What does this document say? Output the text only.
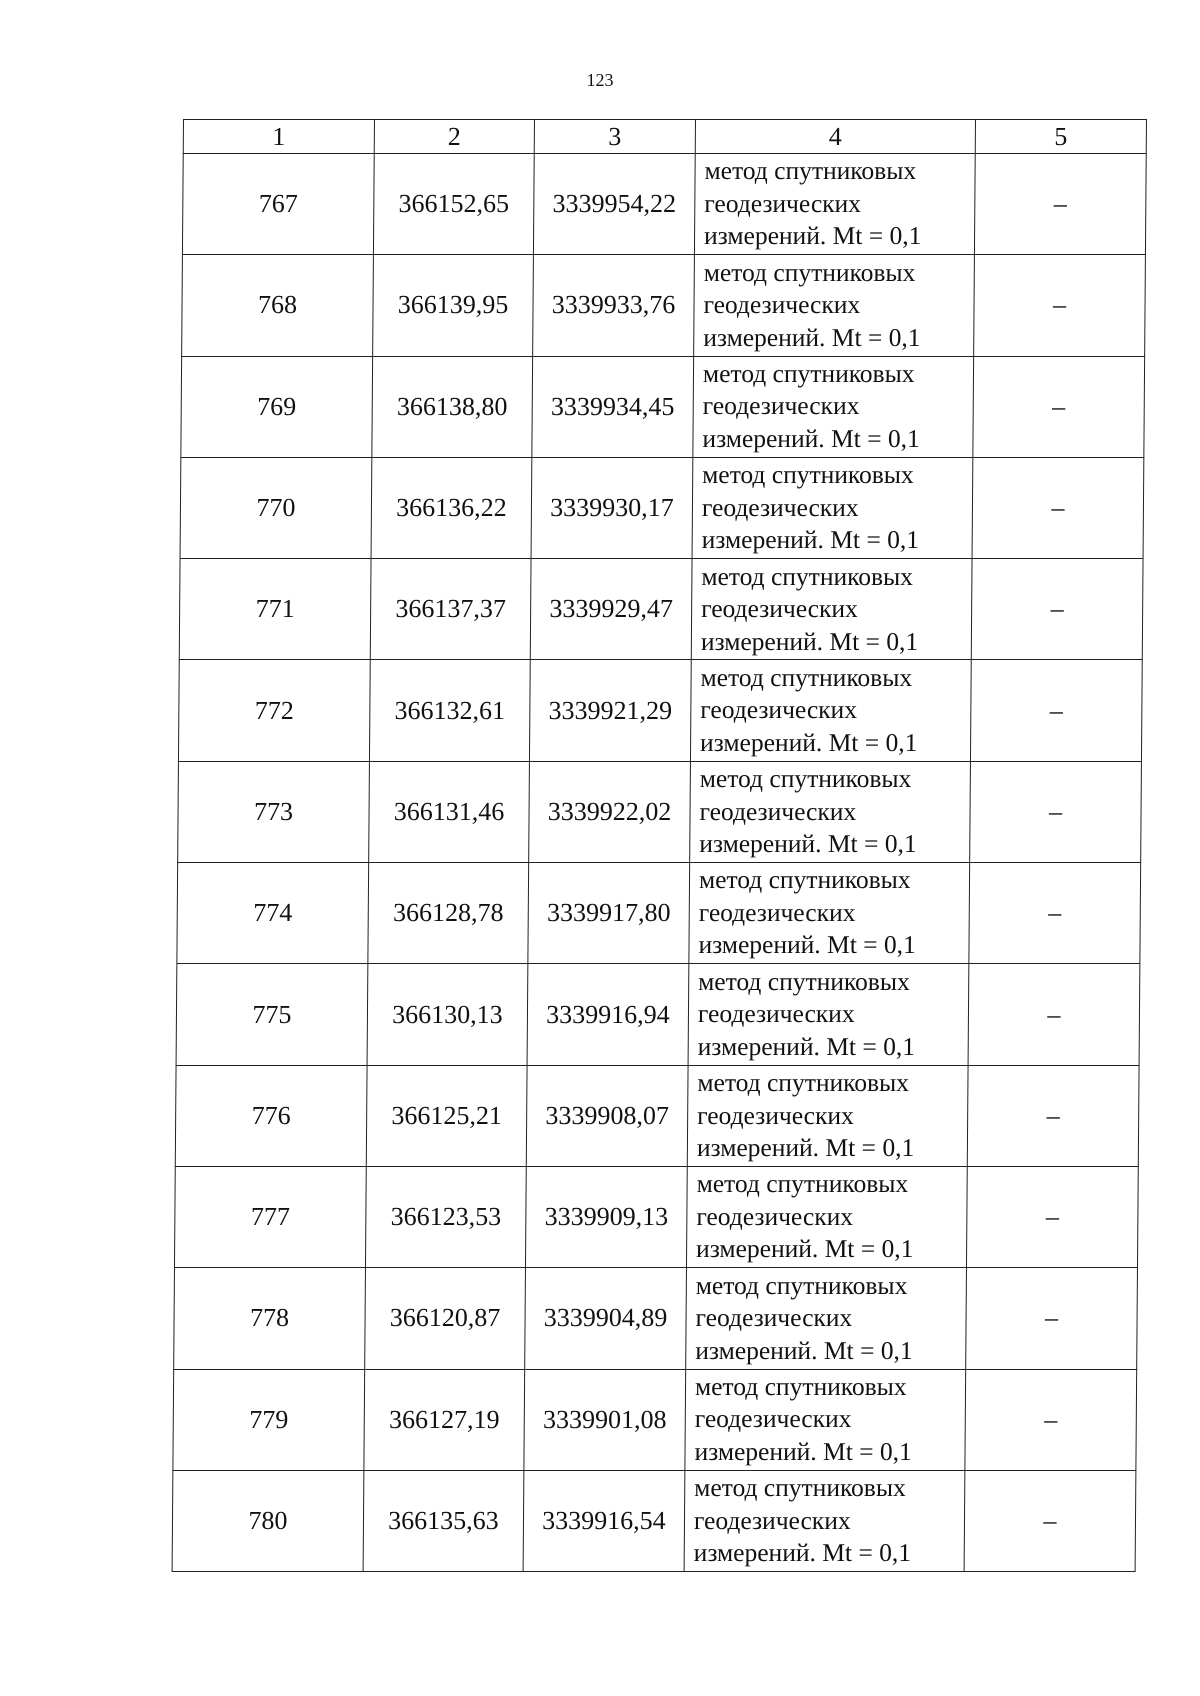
123
1	2	3	4	5
767	366152,65	3339954,22	метод спутниковых
геодезических
измерений. Mt = 0,1	–
768	366139,95	3339933,76	метод спутниковых
геодезических
измерений. Mt = 0,1	–
769	366138,80	3339934,45	метод спутниковых
геодезических
измерений. Mt = 0,1	–
770	366136,22	3339930,17	метод спутниковых
геодезических
измерений. Mt = 0,1	–
771	366137,37	3339929,47	метод спутниковых
геодезических
измерений. Mt = 0,1	–
772	366132,61	3339921,29	метод спутниковых
геодезических
измерений. Mt = 0,1	–
773	366131,46	3339922,02	метод спутниковых
геодезических
измерений. Mt = 0,1	–
774	366128,78	3339917,80	метод спутниковых
геодезических
измерений. Mt = 0,1	–
775	366130,13	3339916,94	метод спутниковых
геодезических
измерений. Mt = 0,1	–
776	366125,21	3339908,07	метод спутниковых
геодезических
измерений. Mt = 0,1	–
777	366123,53	3339909,13	метод спутниковых
геодезических
измерений. Mt = 0,1	–
778	366120,87	3339904,89	метод спутниковых
геодезических
измерений. Mt = 0,1	–
779	366127,19	3339901,08	метод спутниковых
геодезических
измерений. Mt = 0,1	–
780	366135,63	3339916,54	метод спутниковых
геодезических
измерений. Mt = 0,1	–
